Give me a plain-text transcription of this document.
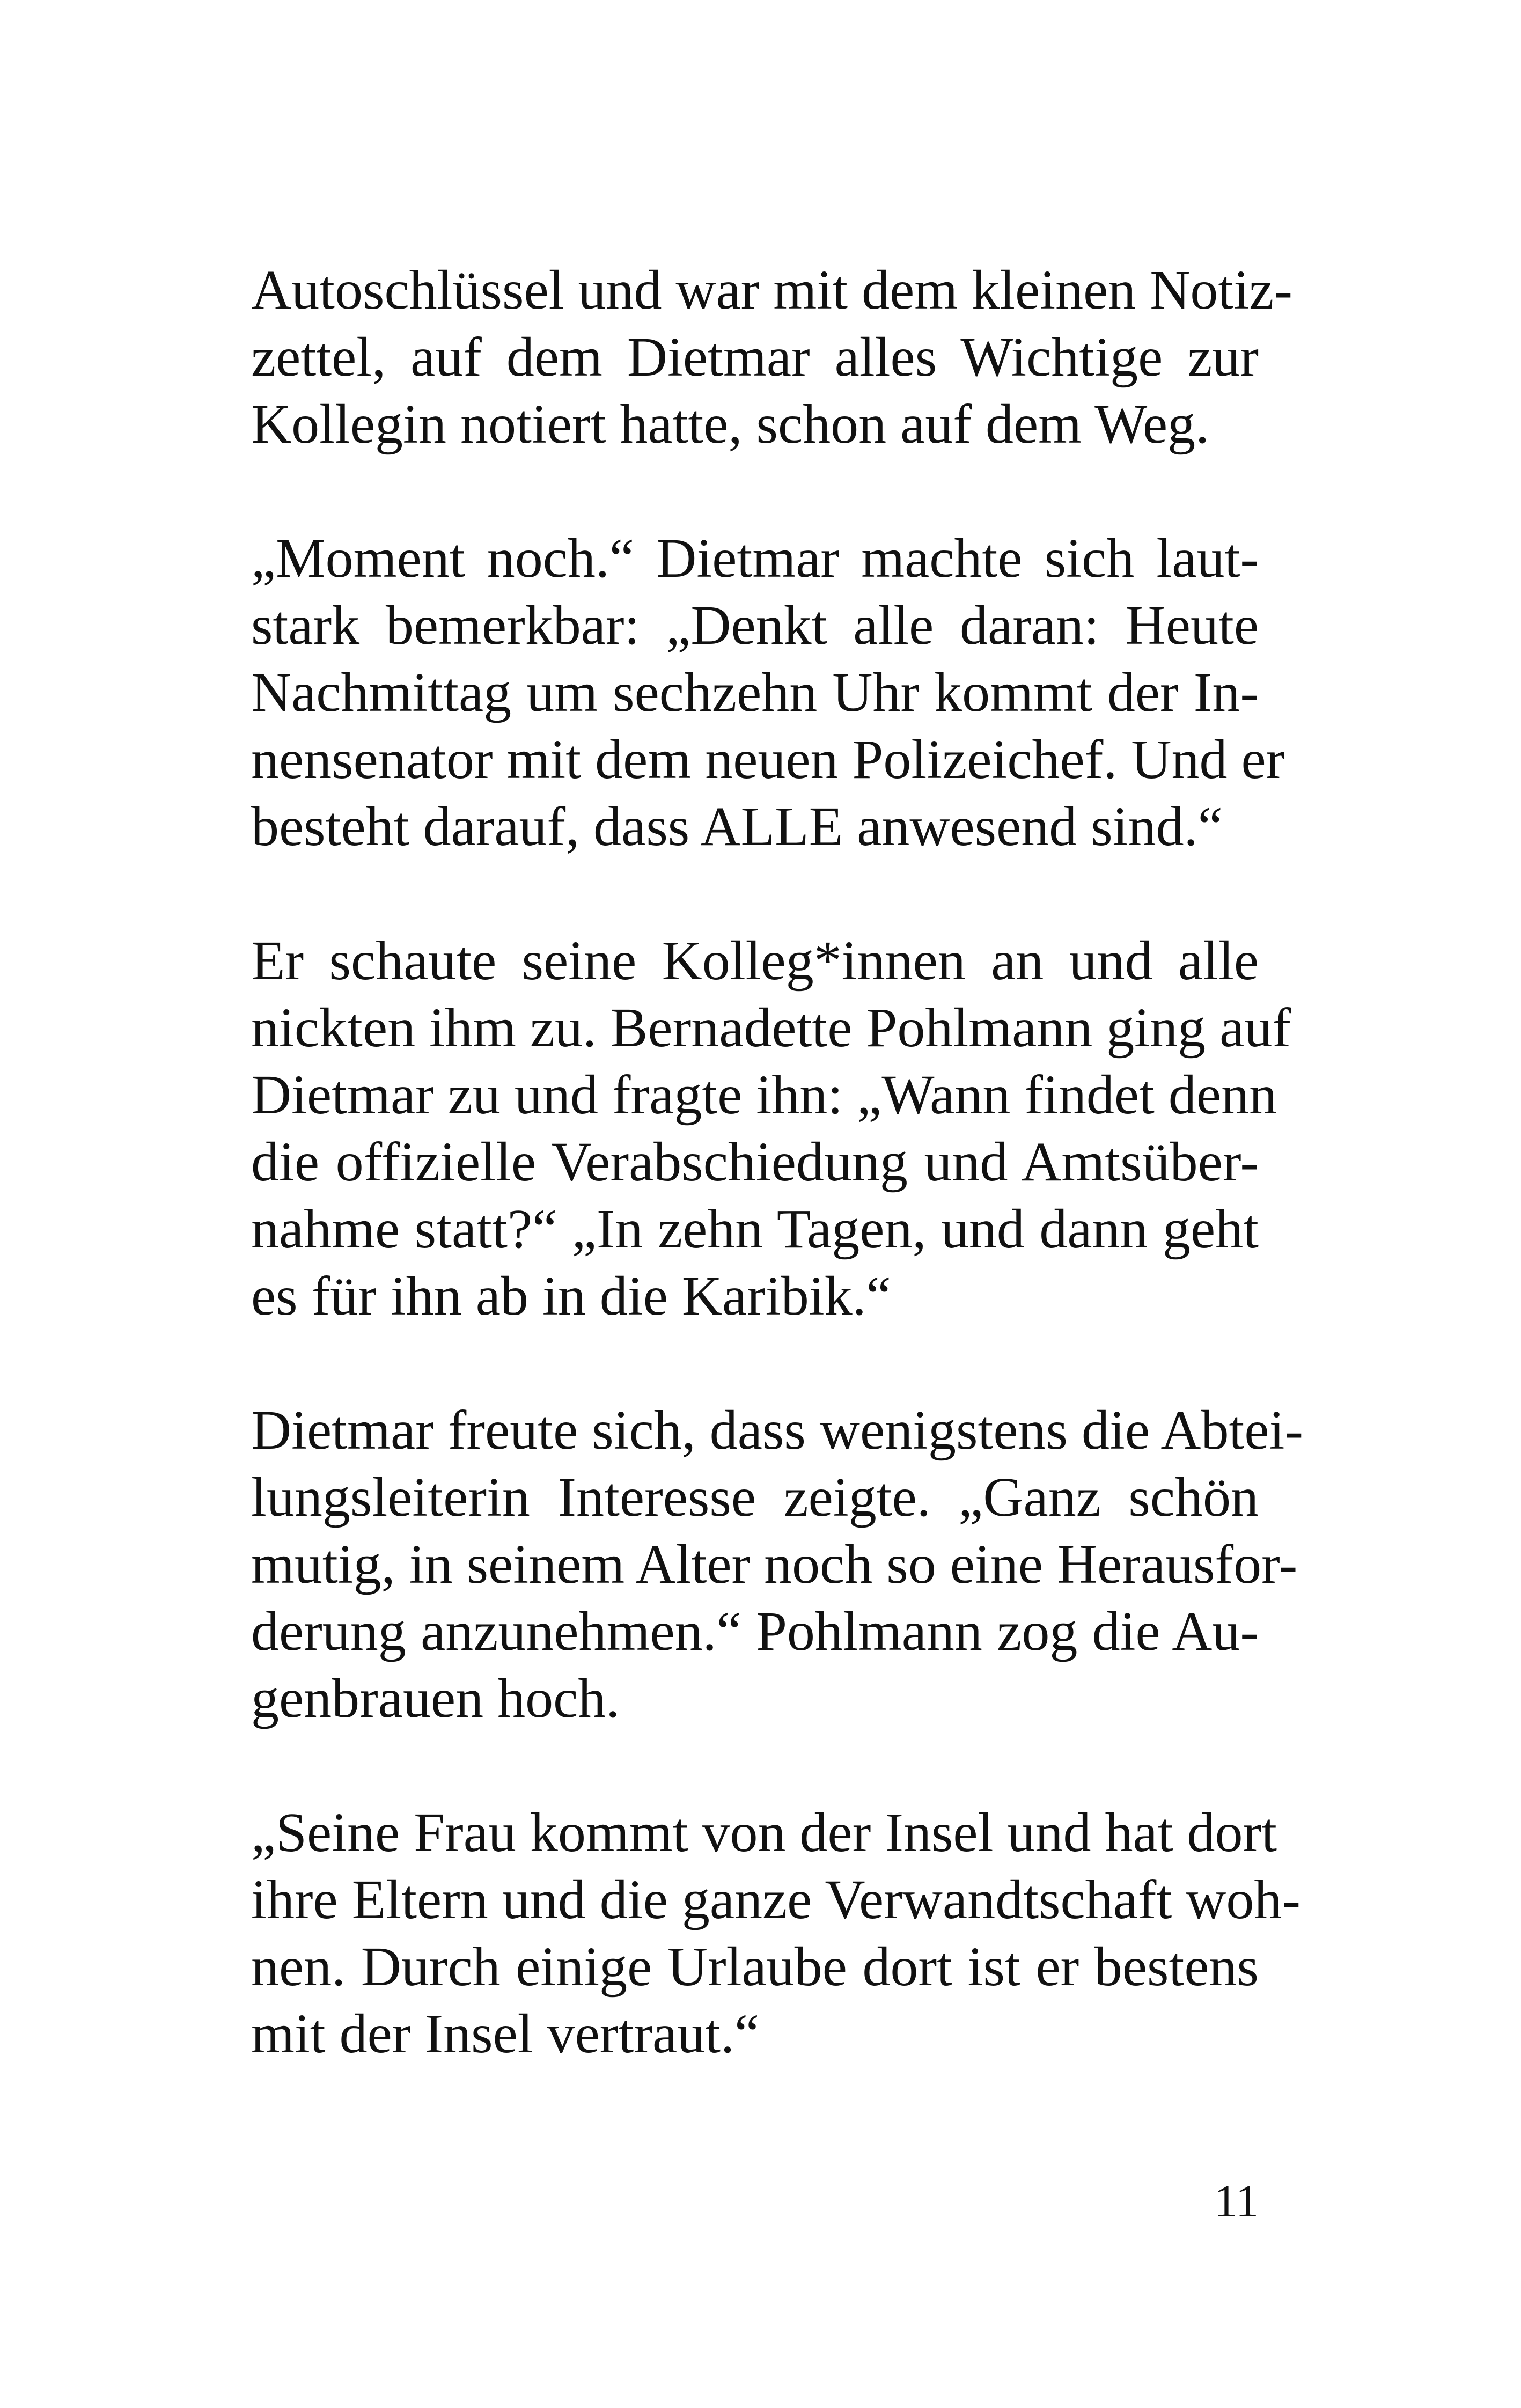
Autoschlüssel und war mit dem kleinen Notiz-
zettel, auf dem Dietmar alles Wichtige zur
Kollegin notiert hatte, schon auf dem Weg.
„Moment noch.“ Dietmar machte sich laut-
stark bemerkbar: „Denkt alle daran: Heute
Nachmittag um sechzehn Uhr kommt der In-
nensenator mit dem neuen Polizeichef. Und er
besteht darauf, dass ALLE anwesend sind.“
Er schaute seine Kolleg*innen an und alle
nickten ihm zu. Bernadette Pohlmann ging auf
Dietmar zu und fragte ihn: „Wann findet denn
die offizielle Verabschiedung und Amtsüber-
nahme statt?“ „In zehn Tagen, und dann geht
es für ihn ab in die Karibik.“
Dietmar freute sich, dass wenigstens die Abtei-
lungsleiterin Interesse zeigte. „Ganz schön
mutig, in seinem Alter noch so eine Herausfor-
derung anzunehmen.“ Pohlmann zog die Au-
genbrauen hoch.
„Seine Frau kommt von der Insel und hat dort
ihre Eltern und die ganze Verwandtschaft woh-
nen. Durch einige Urlaube dort ist er bestens
mit der Insel vertraut.“
11
